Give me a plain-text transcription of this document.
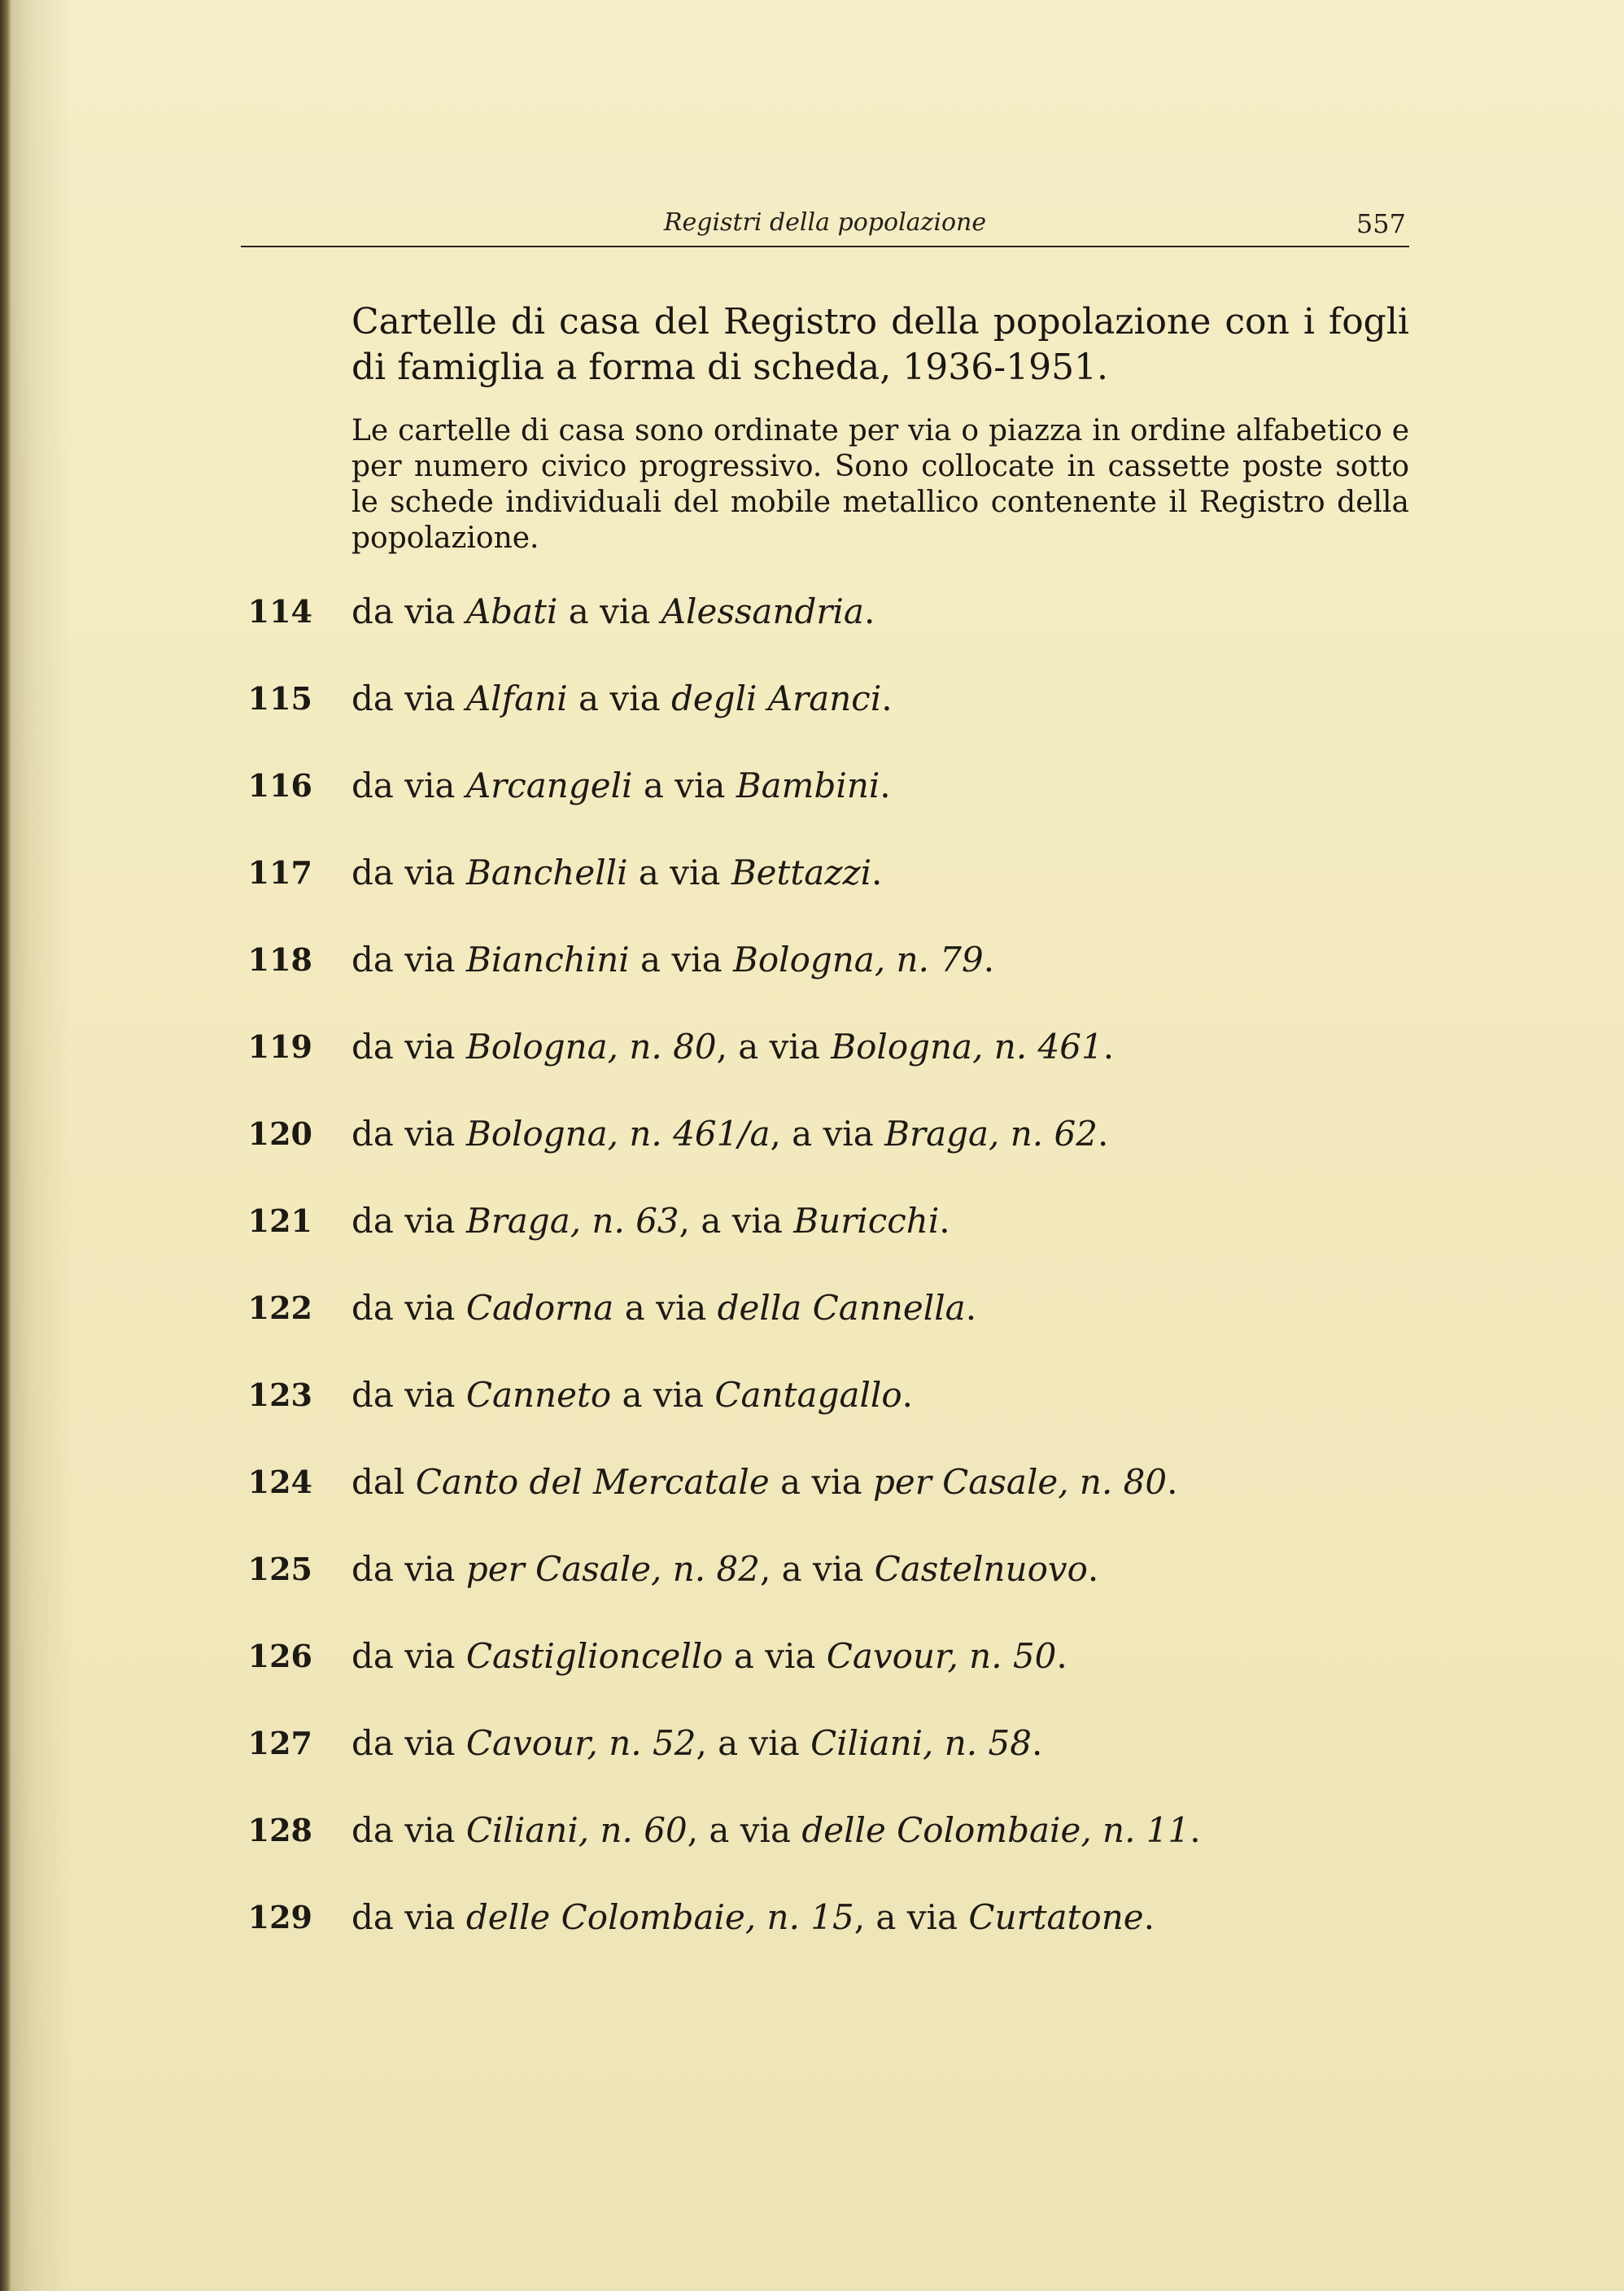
Registri della popolazione	557
Cartelle di casa del Registro della popolazione con i fogli di famiglia a forma di scheda, 1936-1951.
Le cartelle di casa sono ordinate per via o piazza in ordine alfabetico e per numero civico progressivo. Sono collocate in cassette poste sotto le schede individuali del mobile metallico contenente il Registro della popolazione.
114 da via Abati a via Alessandria.
115 da via Alfani a via degli Aranci.
116 da via Arcangeli a via Bambini.
117 da via Banchelli a via Bettazzi.
118 da via Bianchini a via Bologna, n. 79.
119 da via Bologna, n. 80, a via Bologna, n. 461.
120 da via Bologna, n. 461/a, a via Braga, n. 62.
121 da via Braga, n. 63, a via Buricchi.
122 da via Cadorna a via della Cannella.
123 da via Canneto a via Cantagallo.
124 dal Canto del Mercatale a via per Casale, n. 80.
125 da via per Casale, n. 82, a via Castelnuovo.
126 da via Castiglioncello a via Cavour, n. 50.
127 da via Cavour, n. 52, a via Ciliani, n. 58.
128 da via Ciliani, n. 60, a via delle Colombaie, n. 11.
129 da via delle Colombaie, n. 15, a via Curtatone.
